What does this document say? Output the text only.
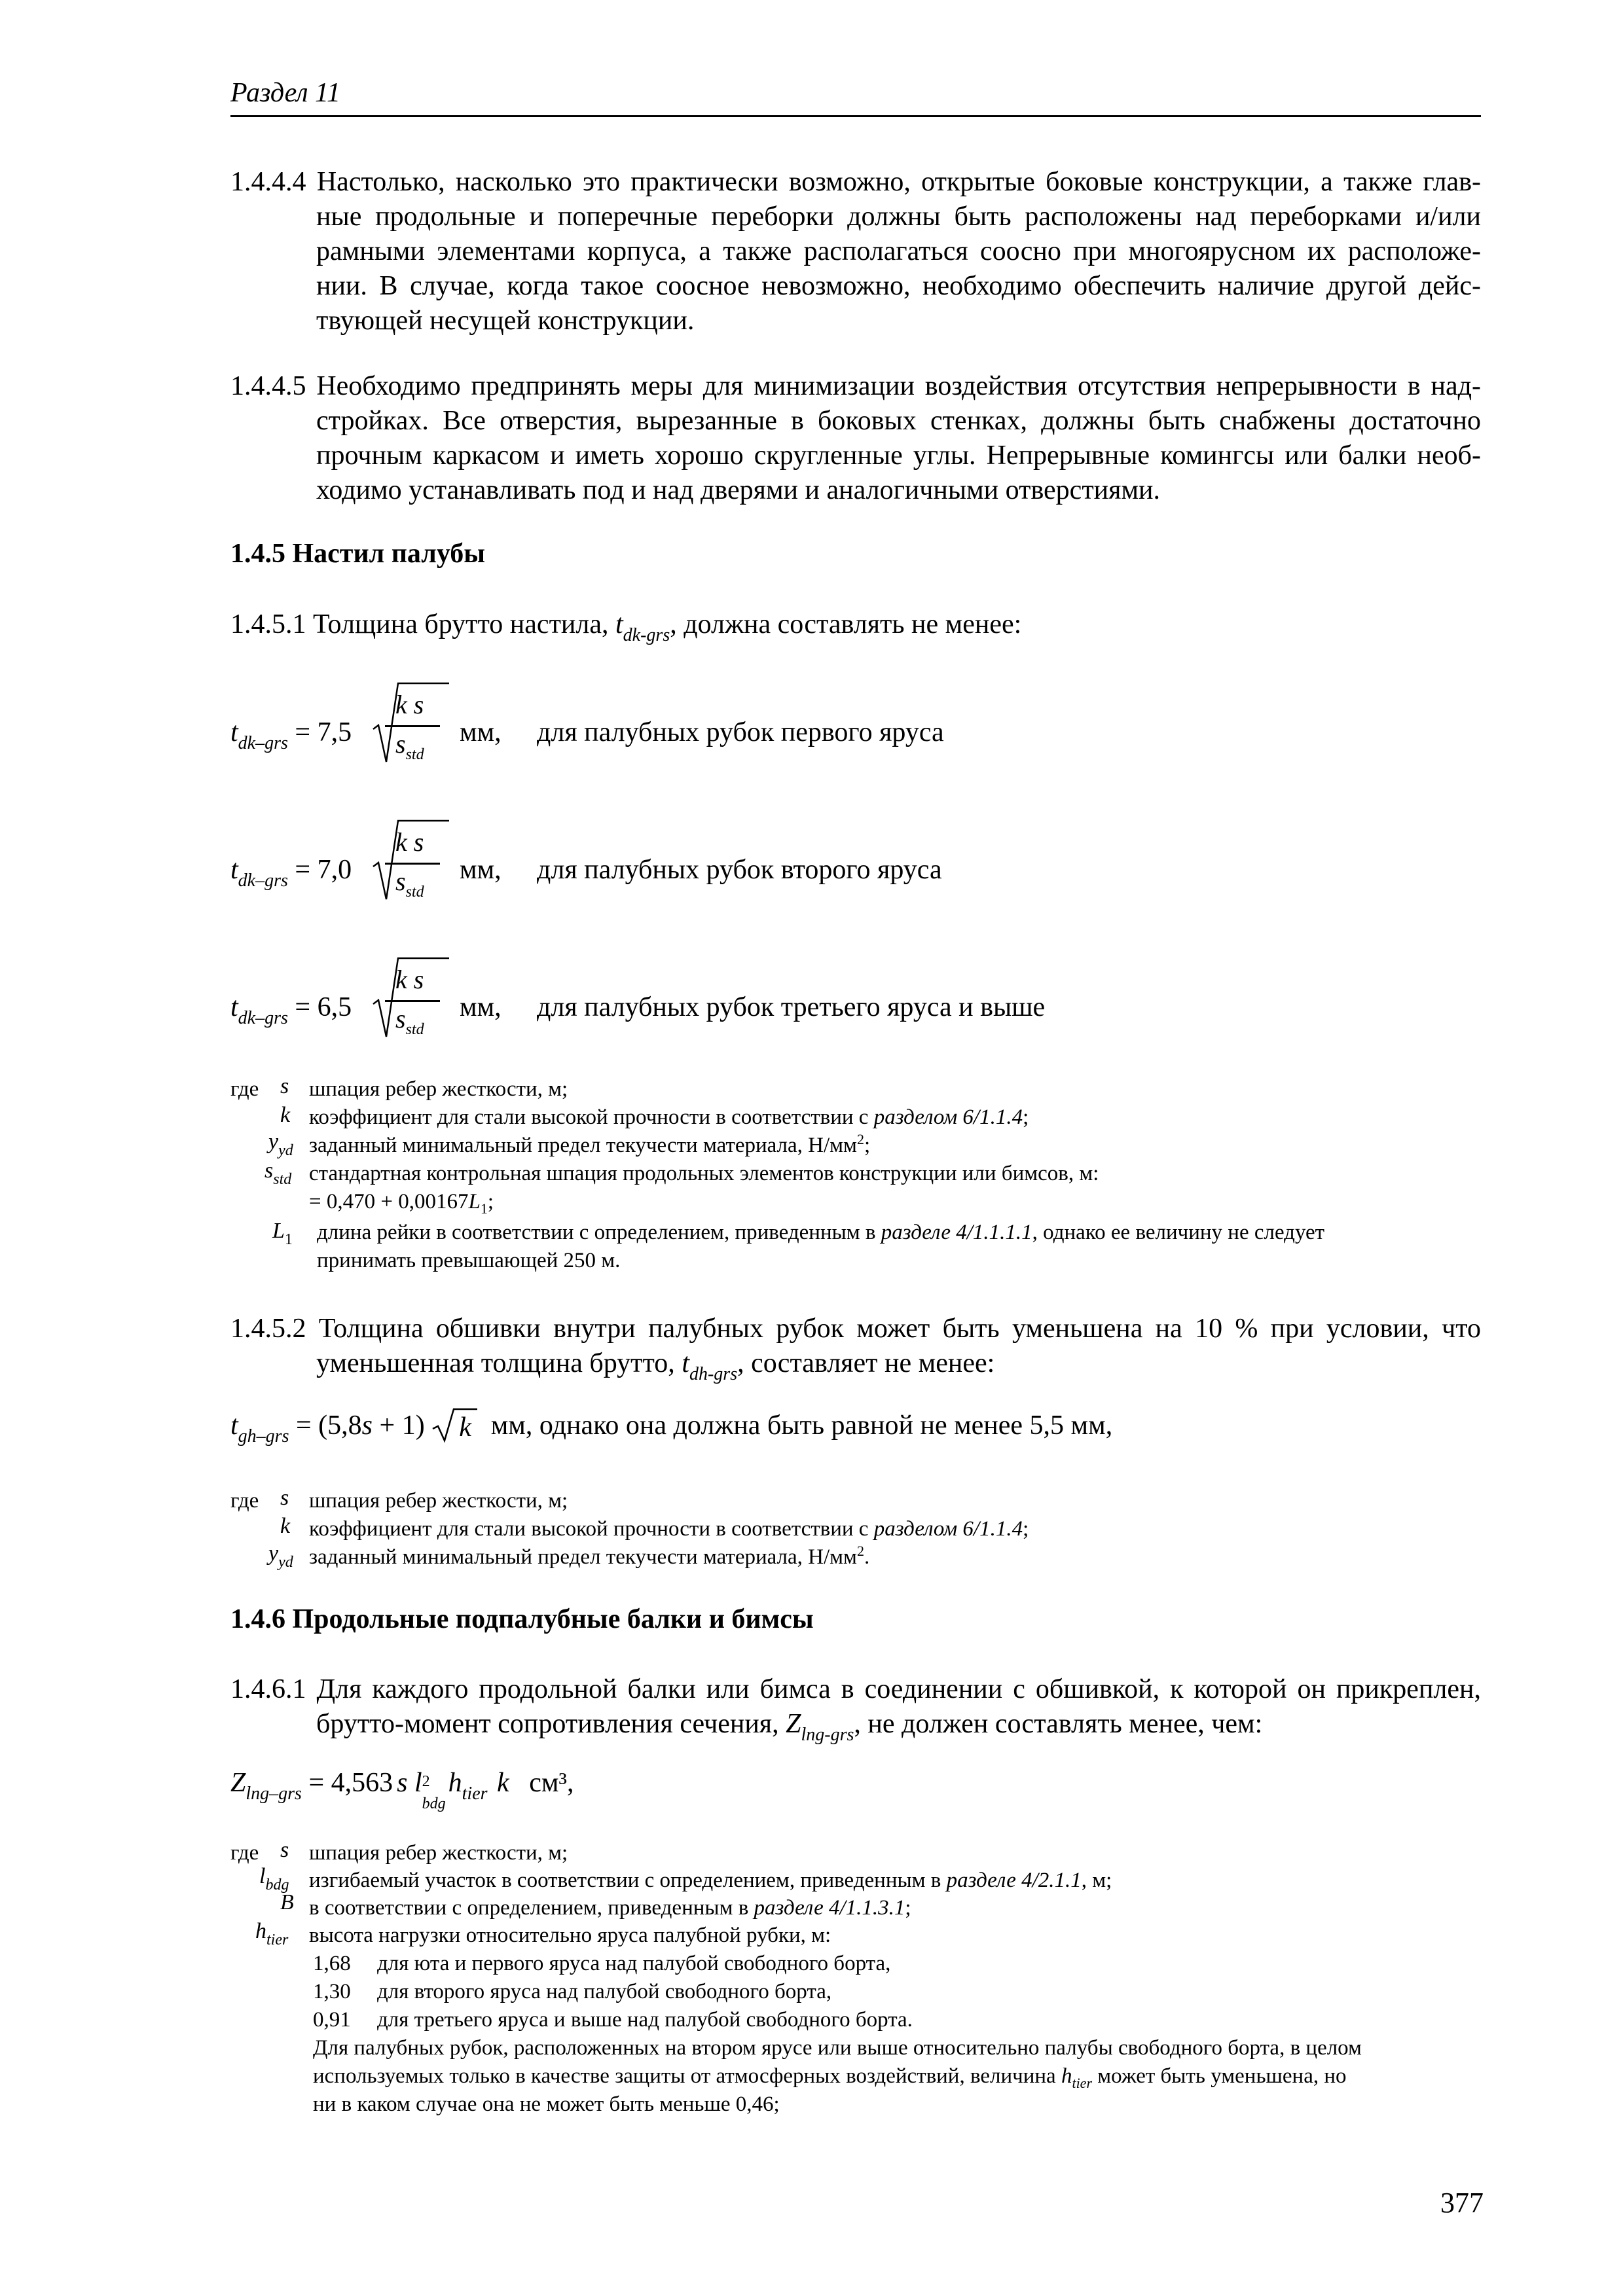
Раздел 11
1.4.4.4 Настолько, насколько это практически возможно, открытые боковые конструкции, а также глав-
ные продольные и поперечные переборки должны быть расположены над переборками и/или
рамными элементами корпуса, а также располагаться соосно при многоярусном их расположе-
нии. В случае, когда такое соосное невозможно, необходимо обеспечить наличие другой дейс-
твующей несущей конструкции.
1.4.4.5 Необходимо предпринять меры для минимизации воздействия отсутствия непрерывности в над-
стройках. Все отверстия, вырезанные в боковых стенках, должны быть снабжены достаточно
прочным каркасом и иметь хорошо скругленные углы. Непрерывные комингсы или балки необ-
ходимо устанавливать под и над дверями и аналогичными отверстиями.
1.4.5 Настил палубы
1.4.5.1 Толщина брутто настила, $t_{dk-grs}$, должна составлять не менее:
$t_{dk-grs} = 7,5$
k s
$s_{std}$
мм, для палубных рубок первого яруса
$t_{dk-grs} = 7,0$
k s
$s_{std}$
мм, для палубных рубок второго яруса
$t_{dk-grs} = 6,5$
k s
$s_{std}$
мм, для палубных рубок третьего яруса и выше
где s шпация ребер жесткости, м;
k коэффициент для стали высокой прочности в соответствии с разделом 6/1.1.4;
$y_{yd}$ заданный минимальный предел текучести материала, $Н/мм^2$;
$s_{std}$ стандартная контрольная шпация продольных элементов конструкции или бимсов, м:
= $0,470 + 0,00167L_1$;
$L_1$ длина рейки в соответствии с определением, приведенным в разделе 4/1.1.1.1, однако ее величину не следует
принимать превышающей 250 м.
1.4.5.2 Толщина обшивки внутри палубных рубок может быть уменьшена на 10 % при условии, что
уменьшенная толщина брутто, $t_{dh-grs}$, составляет не менее:
$t_{gh-grs} = (5,8s + 1)$ k мм, однако она должна быть равной не менее 5,5 мм,
где s шпация ребер жесткости, м;
k коэффициент для стали высокой прочности в соответствии с разделом 6/1.1.4;
$y_{yd}$ заданный минимальный предел текучести материала, $Н/мм^2$.
1.4.6 Продольные подпалубные балки и бимсы
1.4.6.1 Для каждого продольной балки или бимса в соединении с обшивкой, к которой он прикреплен,
брутто-момент сопротивления сечения, $Z_{lng-grs}$, не должен составлять менее, чем:
$Z_{lng-grs} = 4,563$ s l 2
bdg
$h_{tier}$ k см³,
где s шпация ребер жесткости, м;
$l_{bdg}$ изгибаемый участок в соответствии с определением, приведенным в разделе 4/2.1.1, м;
B в соответствии с определением, приведенным в разделе 4/1.1.3.1;
$h_{tier}$ высота нагрузки относительно яруса палубной рубки, м:
1,68 для юта и первого яруса над палубой свободного борта,
1,30 для второго яруса над палубой свободного борта,
0,91 для третьего яруса и выше над палубой свободного борта.
Для палубных рубок, расположенных на втором ярусе или выше относительно палубы свободного борта, в целом
используемых только в качестве защиты от атмосферных воздействий, величина $h_{tier}$ может быть уменьшена, но
ни в каком случае она не может быть меньше 0,46;
377
